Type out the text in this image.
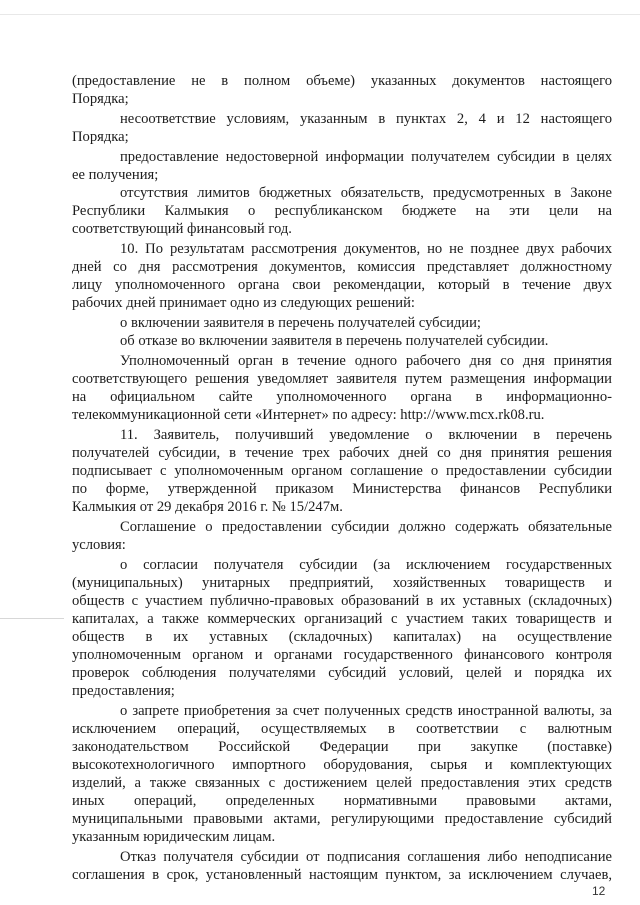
(предоставление не в полном объеме) указанных документов настоящего
Порядка;
несоответствие условиям, указанным в пунктах 2, 4 и 12 настоящего
Порядка;
предоставление недостоверной информации получателем субсидии в целях
ее получения;
отсутствия лимитов бюджетных обязательств, предусмотренных в Законе
Республики Калмыкия о республиканском бюджете на эти цели на
соответствующий финансовый год.
10. По результатам рассмотрения документов, но не позднее двух рабочих
дней со дня рассмотрения документов, комиссия представляет должностному
лицу уполномоченного органа свои рекомендации, который в течение двух
рабочих дней принимает одно из следующих решений:
о включении заявителя в перечень получателей субсидии;
об отказе во включении заявителя в перечень получателей субсидии.
Уполномоченный орган в течение одного рабочего дня со дня принятия
соответствующего решения уведомляет заявителя путем размещения информации
на официальном сайте уполномоченного органа в информационно-
телекоммуникационной сети «Интернет» по адресу: http://www.mcx.rk08.ru.
11. Заявитель, получивший уведомление о включении в перечень
получателей субсидии, в течение трех рабочих дней со дня принятия решения
подписывает с уполномоченным органом соглашение о предоставлении субсидии
по форме, утвержденной приказом Министерства финансов Республики
Калмыкия от 29 декабря 2016 г. № 15/247м.
Соглашение о предоставлении субсидии должно содержать обязательные
условия:
о согласии получателя субсидии (за исключением государственных
(муниципальных) унитарных предприятий, хозяйственных товариществ и
обществ с участием публично-правовых образований в их уставных (складочных)
капиталах, а также коммерческих организаций с участием таких товариществ и
обществ в их уставных (складочных) капиталах) на осуществление
уполномоченным органом и органами государственного финансового контроля
проверок соблюдения получателями субсидий условий, целей и порядка их
предоставления;
о запрете приобретения за счет полученных средств иностранной валюты, за
исключением операций, осуществляемых в соответствии с валютным
законодательством Российской Федерации при закупке (поставке)
высокотехнологичного импортного оборудования, сырья и комплектующих
изделий, а также связанных с достижением целей предоставления этих средств
иных операций, определенных нормативными правовыми актами,
муниципальными правовыми актами, регулирующими предоставление субсидий
указанным юридическим лицам.
Отказ получателя субсидии от подписания соглашения либо неподписание
соглашения в срок, установленный настоящим пунктом, за исключением случаев,
12
